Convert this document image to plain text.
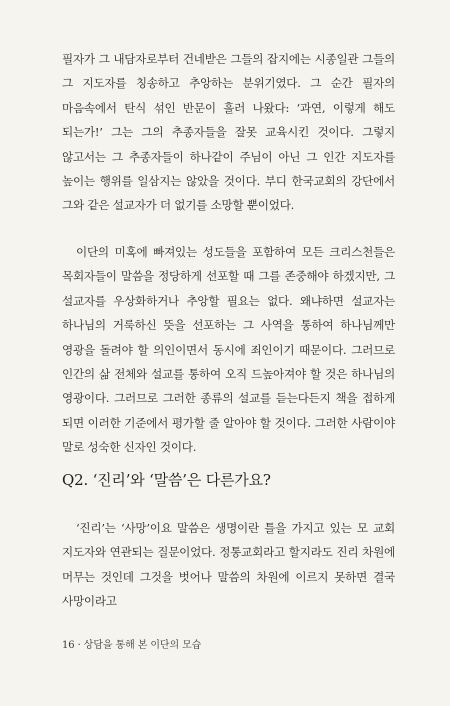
필자가 그 내담자로부터 건네받은 그들의 잡지에는 시종일관 그들의 그 지도자를 칭송하고 추앙하는 분위기였다. 그 순간 필자의 마음속에서 탄식 섞인 반문이 흘러 나왔다: ‘과연, 이렇게 해도 되는가!’ 그는 그의 추종자들을 잘못 교육시킨 것이다. 그렇지 않고서는 그 추종자들이 하나같이 주님이 아닌 그 인간 지도자를 높이는 행위를 일삼지는 않았을 것이다. 부디 한국교회의 강단에서 그와 같은 설교자가 더 없기를 소망할 뿐이었다.

이단의 미혹에 빠져있는 성도들을 포함하여 모든 크리스천들은 목회자들이 말씀을 정당하게 선포할 때 그를 존중해야 하겠지만, 그 설교자를 우상화하거나 추앙할 필요는 없다. 왜냐하면 설교자는 하나님의 거룩하신 뜻을 선포하는 그 사역을 통하여 하나님께만 영광을 돌려야 할 의인이면서 동시에 죄인이기 때문이다. 그러므로 인간의 삶 전체와 설교를 통하여 오직 드높아져야 할 것은 하나님의 영광이다. 그러므로 그러한 종류의 설교를 듣는다든지 책을 접하게 되면 이러한 기준에서 평가할 줄 알아야 할 것이다. 그러한 사람이야 말로 성숙한 신자인 것이다.

Q2. ‘진리’와 ‘말씀’은 다른가요?

‘진리’는 ‘사망’이요 말씀은 생명이란 틀을 가지고 있는 모 교회 지도자와 연관되는 질문이었다. 정통교회라고 할지라도 진리 차원에 머무는 것인데 그것을 벗어나 말씀의 차원에 이르지 못하면 결국 사망이라고

16 · 상담을 통해 본 이단의 모습
